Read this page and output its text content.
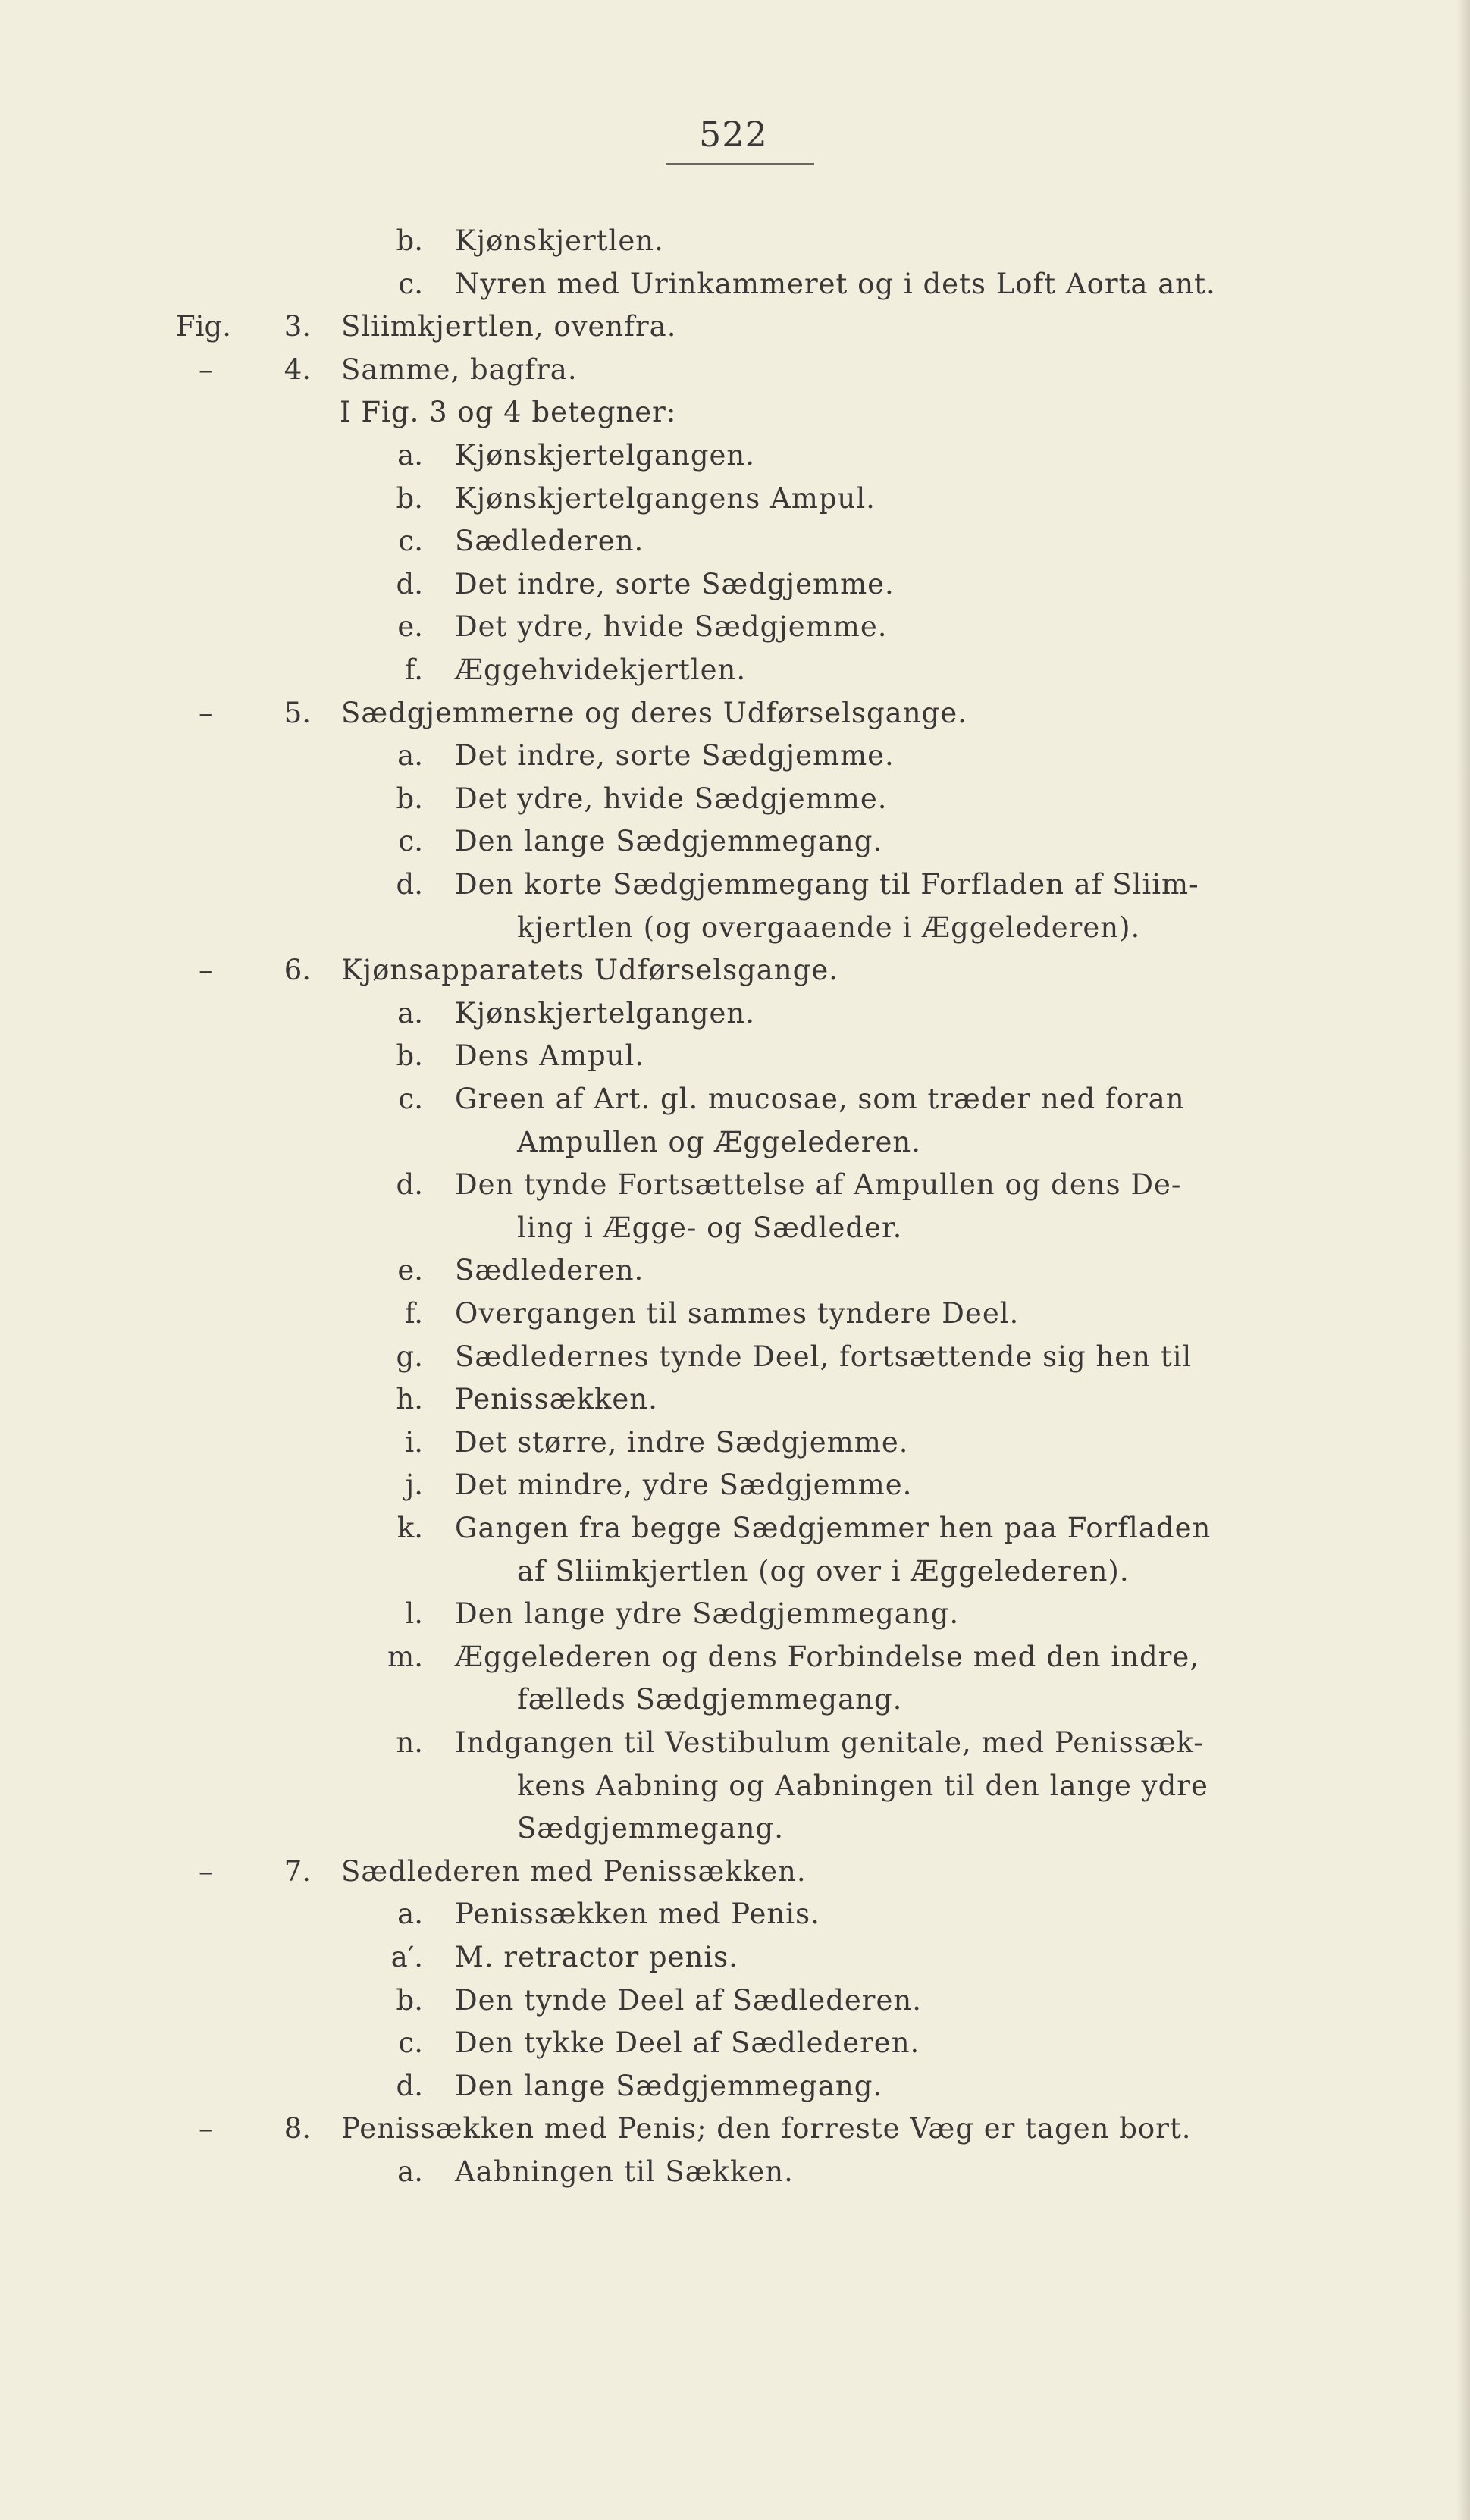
522
b. Kjønskjertlen.
c. Nyren med Urinkammeret og i dets Loft Aorta ant.
Fig.	3. Sliimkjertlen, ovenfra.
–	4. Samme, bagfra.
I Fig. 3 og 4 betegner:
a. Kjønskjertelgangen.
b. Kjønskjertelgangens Ampul.
c. Sædlederen.
d. Det indre, sorte Sædgjemme.
e. Det ydre, hvide Sædgjemme.
f. Æggehvidekjertlen.
–	5. Sædgjemmerne og deres Udførselsgange.
a. Det indre, sorte Sædgjemme.
b. Det ydre, hvide Sædgjemme.
c. Den lange Sædgjemmegang.
d. Den korte Sædgjemmegang til Forfladen af Sliim-
kjertlen (og overgaaende i Æggelederen).
–	6. Kjønsapparatets Udførselsgange.
a. Kjønskjertelgangen.
b. Dens Ampul.
c. Green af Art. gl. mucosae, som træder ned foran
Ampullen og Æggelederen.
d. Den tynde Fortsættelse af Ampullen og dens De-
ling i Ægge- og Sædleder.
e. Sædlederen.
f. Overgangen til sammes tyndere Deel.
g. Sædledernes tynde Deel, fortsættende sig hen til
h. Penissækken.
i. Det større, indre Sædgjemme.
j. Det mindre, ydre Sædgjemme.
k. Gangen fra begge Sædgjemmer hen paa Forfladen
af Sliimkjertlen (og over i Æggelederen).
l. Den lange ydre Sædgjemmegang.
m. Æggelederen og dens Forbindelse med den indre,
fælleds Sædgjemmegang.
n. Indgangen til Vestibulum genitale, med Penissæk-
kens Aabning og Aabningen til den lange ydre
Sædgjemmegang.
–	7. Sædlederen med Penissækken.
a. Penissækken med Penis.
a′. M. retractor penis.
b. Den tynde Deel af Sædlederen.
c. Den tykke Deel af Sædlederen.
d. Den lange Sædgjemmegang.
–	8. Penissækken med Penis; den forreste Væg er tagen bort.
a. Aabningen til Sækken.
